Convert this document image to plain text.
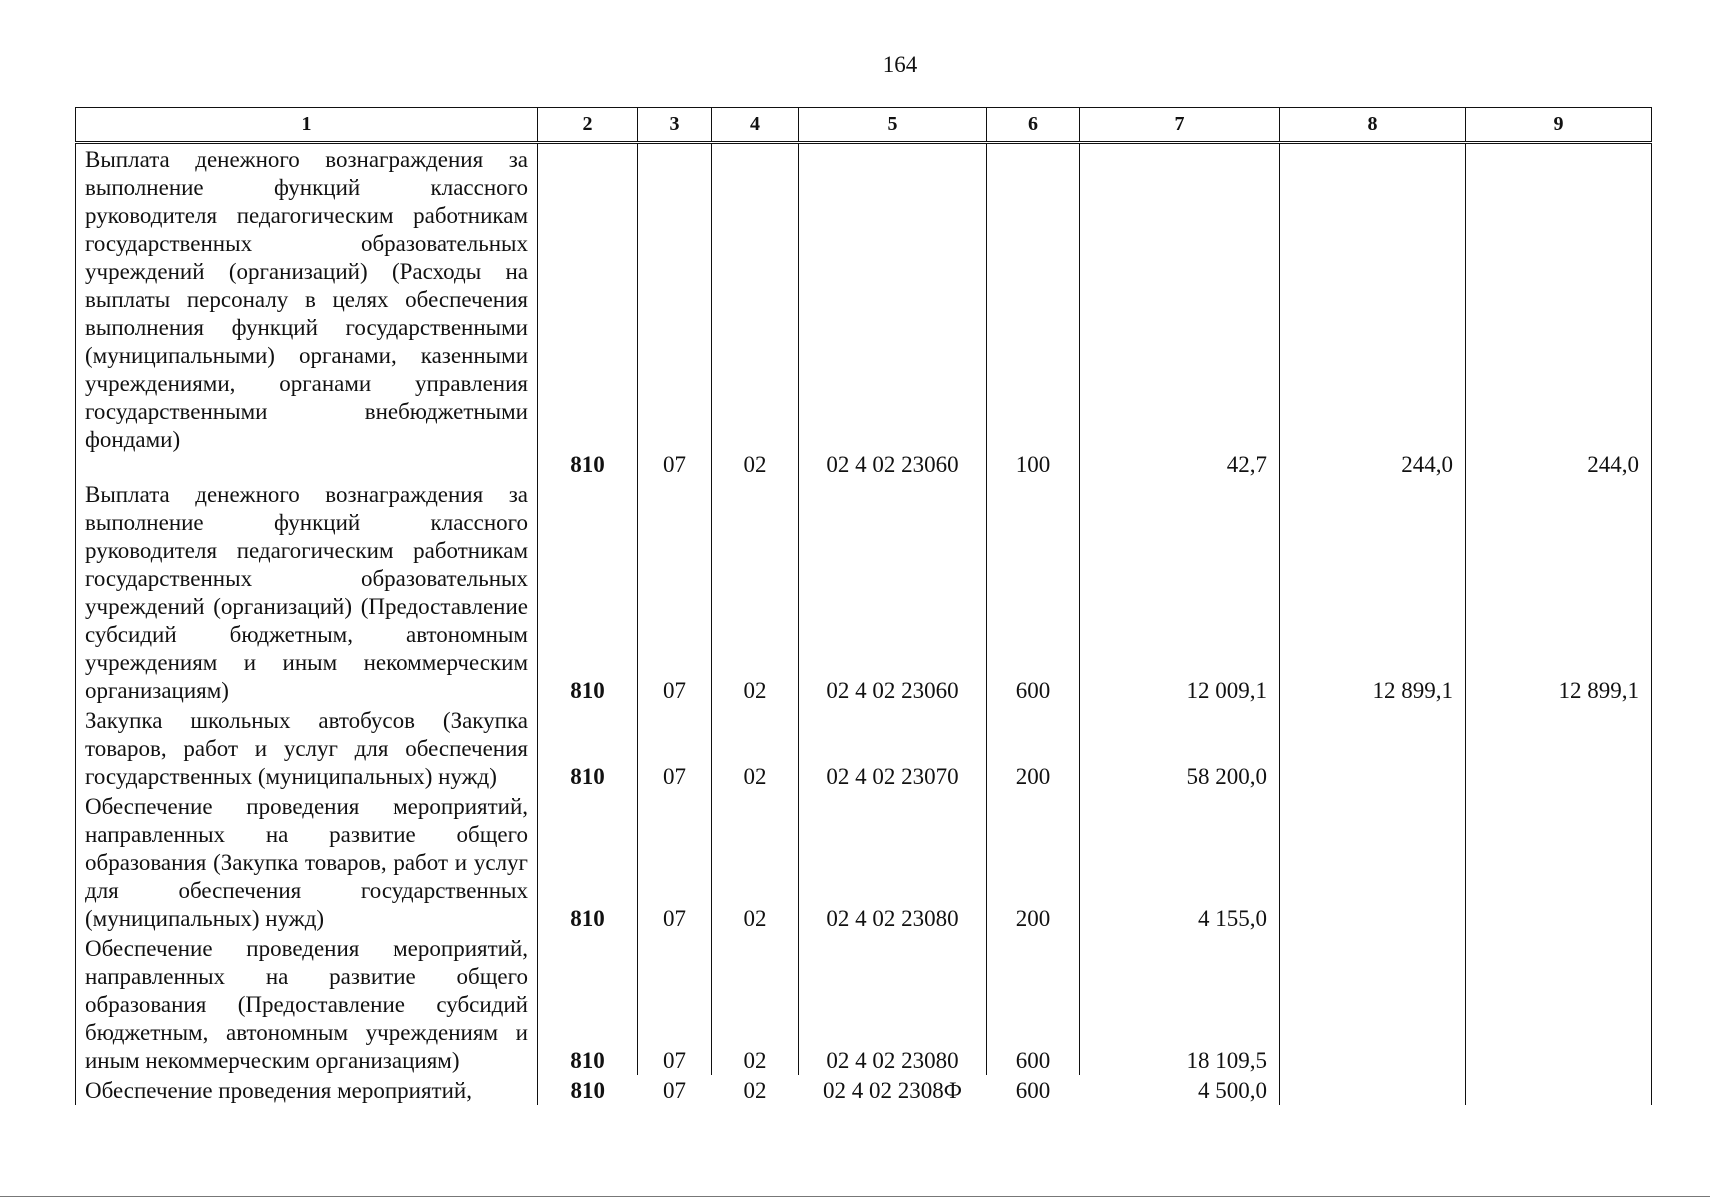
164
1	2	3	4	5	6	7	8	9
Выплата денежного вознаграждения за выполнение функций классного руководителя педагогическим работникам государственных образовательных учреждений (организаций) (Расходы на выплаты персоналу в целях обеспечения выполнения функций государственными (муниципальными) органами, казенными учреждениями, органами управления государственными внебюджетными фондами)	810	07	02	02 4 02 23060	100	42,7	244,0	244,0
Выплата денежного вознаграждения за выполнение функций классного руководителя педагогическим работникам государственных образовательных учреждений (организаций) (Предоставление субсидий бюджетным, автономным учреждениям и иным некоммерческим организациям)	810	07	02	02 4 02 23060	600	12 009,1	12 899,1	12 899,1
Закупка школьных автобусов (Закупка товаров, работ и услуг для обеспечения государственных (муниципальных) нужд)	810	07	02	02 4 02 23070	200	58 200,0		
Обеспечение проведения мероприятий, направленных на развитие общего образования (Закупка товаров, работ и услуг для обеспечения государственных (муниципальных) нужд)	810	07	02	02 4 02 23080	200	4 155,0		
Обеспечение проведения мероприятий, направленных на развитие общего образования (Предоставление субсидий бюджетным, автономным учреждениям и иным некоммерческим организациям)	810	07	02	02 4 02 23080	600	18 109,5		
Обеспечение проведения мероприятий,	810	07	02	02 4 02 2308Ф	600	4 500,0		
